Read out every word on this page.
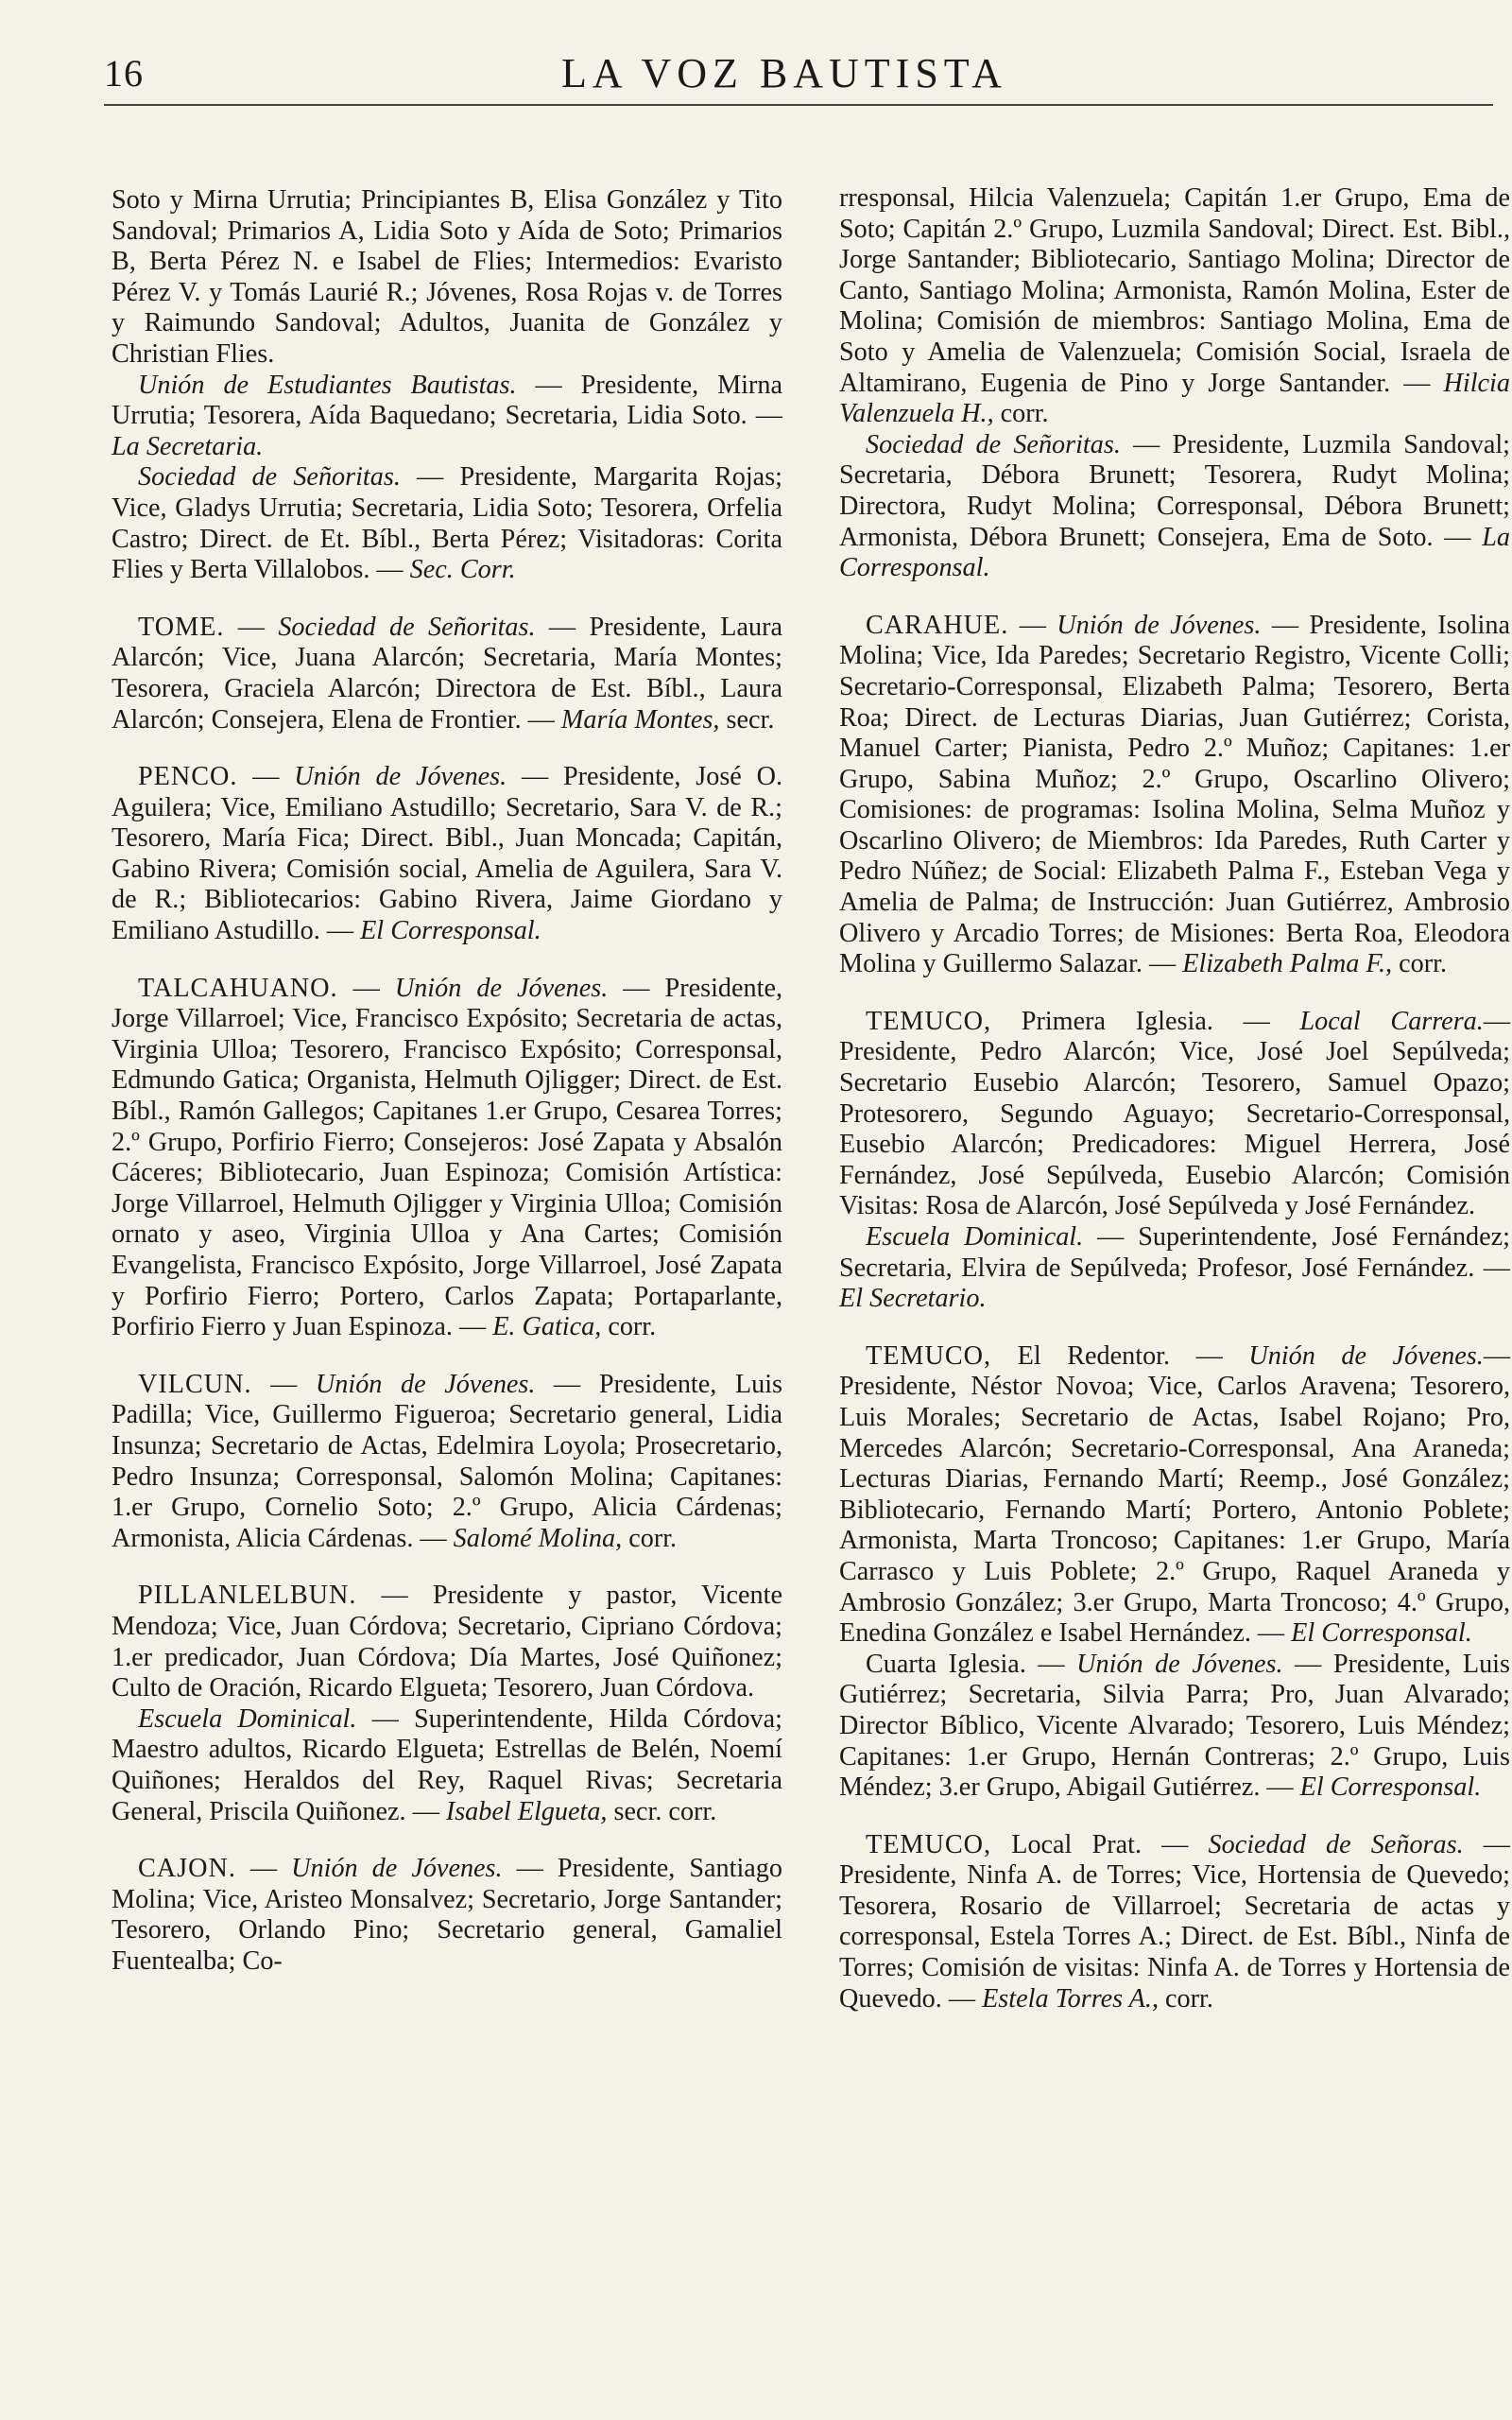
16	LA VOZ BAUTISTA

Soto y Mirna Urrutia; Principiantes B, Elisa González y Tito Sandoval; Primarios A, Lidia Soto y Aída de Soto; Primarios B, Berta Pérez N. e Isabel de Flies; Intermedios: Evaristo Pérez V. y Tomás Laurié R.; Jóvenes, Rosa Rojas v. de Torres y Raimundo Sandoval; Adultos, Juanita de González y Christian Flies.

Unión de Estudiantes Bautistas. — Presidente, Mirna Urrutia; Tesorera, Aída Baquedano; Secretaria, Lidia Soto. — La Secretaria.

Sociedad de Señoritas. — Presidente, Margarita Rojas; Vice, Gladys Urrutia; Secretaria, Lidia Soto; Tesorera, Orfelia Castro; Direct. de Et. Bíbl., Berta Pérez; Visitadoras: Corita Flies y Berta Villalobos. — Sec. Corr.

TOME. — Sociedad de Señoritas. — Presidente, Laura Alarcón; Vice, Juana Alarcón; Secretaria, María Montes; Tesorera, Graciela Alarcón; Directora de Est. Bíbl., Laura Alarcón; Consejera, Elena de Frontier. — María Montes, secr.

PENCO. — Unión de Jóvenes. — Presidente, José O. Aguilera; Vice, Emiliano Astudillo; Secretario, Sara V. de R.; Tesorero, María Fica; Direct. Bibl., Juan Moncada; Capitán, Gabino Rivera; Comisión social, Amelia de Aguilera, Sara V. de R.; Bibliotecarios: Gabino Rivera, Jaime Giordano y Emiliano Astudillo. — El Corresponsal.

TALCAHUANO. — Unión de Jóvenes. — Presidente, Jorge Villarroel; Vice, Francisco Expósito; Secretaria de actas, Virginia Ulloa; Tesorero, Francisco Expósito; Corresponsal, Edmundo Gatica; Organista, Helmuth Ojligger; Direct. de Est. Bíbl., Ramón Gallegos; Capitanes 1.er Grupo, Cesarea Torres; 2.º Grupo, Porfirio Fierro; Consejeros: José Zapata y Absalón Cáceres; Bibliotecario, Juan Espinoza; Comisión Artística: Jorge Villarroel, Helmuth Ojligger y Virginia Ulloa; Comisión ornato y aseo, Virginia Ulloa y Ana Cartes; Comisión Evangelista, Francisco Expósito, Jorge Villarroel, José Zapata y Porfirio Fierro; Portero, Carlos Zapata; Portaparlante, Porfirio Fierro y Juan Espinoza. — E. Gatica, corr.

VILCUN. — Unión de Jóvenes. — Presidente, Luis Padilla; Vice, Guillermo Figueroa; Secretario general, Lidia Insunza; Secretario de Actas, Edelmira Loyola; Prosecretario, Pedro Insunza; Corresponsal, Salomón Molina; Capitanes: 1.er Grupo, Cornelio Soto; 2.º Grupo, Alicia Cárdenas; Armonista, Alicia Cárdenas. — Salomé Molina, corr.

PILLANLELBUN. — Presidente y pastor, Vicente Mendoza; Vice, Juan Córdova; Secretario, Cipriano Córdova; 1.er predicador, Juan Córdova; Día Martes, José Quiñonez; Culto de Oración, Ricardo Elgueta; Tesorero, Juan Córdova.

Escuela Dominical. — Superintendente, Hilda Córdova; Maestro adultos, Ricardo Elgueta; Estrellas de Belén, Noemí Quiñones; Heraldos del Rey, Raquel Rivas; Secretaria General, Priscila Quiñonez. — Isabel Elgueta, secr. corr.

CAJON. — Unión de Jóvenes. — Presidente, Santiago Molina; Vice, Aristeo Monsalvez; Secretario, Jorge Santander; Tesorero, Orlando Pino; Secretario general, Gamaliel Fuentealba; Co-

rresponsal, Hilcia Valenzuela; Capitán 1.er Grupo, Ema de Soto; Capitán 2.º Grupo, Luzmila Sandoval; Direct. Est. Bibl., Jorge Santander; Bibliotecario, Santiago Molina; Director de Canto, Santiago Molina; Armonista, Ramón Molina, Ester de Molina; Comisión de miembros: Santiago Molina, Ema de Soto y Amelia de Valenzuela; Comisión Social, Israela de Altamirano, Eugenia de Pino y Jorge Santander. — Hilcia Valenzuela H., corr.

Sociedad de Señoritas. — Presidente, Luzmila Sandoval; Secretaria, Débora Brunett; Tesorera, Rudyt Molina; Directora, Rudyt Molina; Corresponsal, Débora Brunett; Armonista, Débora Brunett; Consejera, Ema de Soto. — La Corresponsal.

CARAHUE. — Unión de Jóvenes. — Presidente, Isolina Molina; Vice, Ida Paredes; Secretario Registro, Vicente Colli; Secretario-Corresponsal, Elizabeth Palma; Tesorero, Berta Roa; Direct. de Lecturas Diarias, Juan Gutiérrez; Corista, Manuel Carter; Pianista, Pedro 2.º Muñoz; Capitanes: 1.er Grupo, Sabina Muñoz; 2.º Grupo, Oscarlino Olivero; Comisiones: de programas: Isolina Molina, Selma Muñoz y Oscarlino Olivero; de Miembros: Ida Paredes, Ruth Carter y Pedro Núñez; de Social: Elizabeth Palma F., Esteban Vega y Amelia de Palma; de Instrucción: Juan Gutiérrez, Ambrosio Olivero y Arcadio Torres; de Misiones: Berta Roa, Eleodora Molina y Guillermo Salazar. — Elizabeth Palma F., corr.

TEMUCO, Primera Iglesia. — Local Carrera.— Presidente, Pedro Alarcón; Vice, José Joel Sepúlveda; Secretario Eusebio Alarcón; Tesorero, Samuel Opazo; Protesorero, Segundo Aguayo; Secretario-Corresponsal, Eusebio Alarcón; Predicadores: Miguel Herrera, José Fernández, José Sepúlveda, Eusebio Alarcón; Comisión Visitas: Rosa de Alarcón, José Sepúlveda y José Fernández.

Escuela Dominical. — Superintendente, José Fernández; Secretaria, Elvira de Sepúlveda; Profesor, José Fernández. — El Secretario.

TEMUCO, El Redentor. — Unión de Jóvenes.— Presidente, Néstor Novoa; Vice, Carlos Aravena; Tesorero, Luis Morales; Secretario de Actas, Isabel Rojano; Pro, Mercedes Alarcón; Secretario-Corresponsal, Ana Araneda; Lecturas Diarias, Fernando Martí; Reemp., José González; Bibliotecario, Fernando Martí; Portero, Antonio Poblete; Armonista, Marta Troncoso; Capitanes: 1.er Grupo, María Carrasco y Luis Poblete; 2.º Grupo, Raquel Araneda y Ambrosio González; 3.er Grupo, Marta Troncoso; 4.º Grupo, Enedina González e Isabel Hernández. — El Corresponsal.

Cuarta Iglesia. — Unión de Jóvenes. — Presidente, Luis Gutiérrez; Secretaria, Silvia Parra; Pro, Juan Alvarado; Director Bíblico, Vicente Alvarado; Tesorero, Luis Méndez; Capitanes: 1.er Grupo, Hernán Contreras; 2.º Grupo, Luis Méndez; 3.er Grupo, Abigail Gutiérrez. — El Corresponsal.

TEMUCO, Local Prat. — Sociedad de Señoras. — Presidente, Ninfa A. de Torres; Vice, Hortensia de Quevedo; Tesorera, Rosario de Villarroel; Secretaria de actas y corresponsal, Estela Torres A.; Direct. de Est. Bíbl., Ninfa de Torres; Comisión de visitas: Ninfa A. de Torres y Hortensia de Quevedo. — Estela Torres A., corr.
